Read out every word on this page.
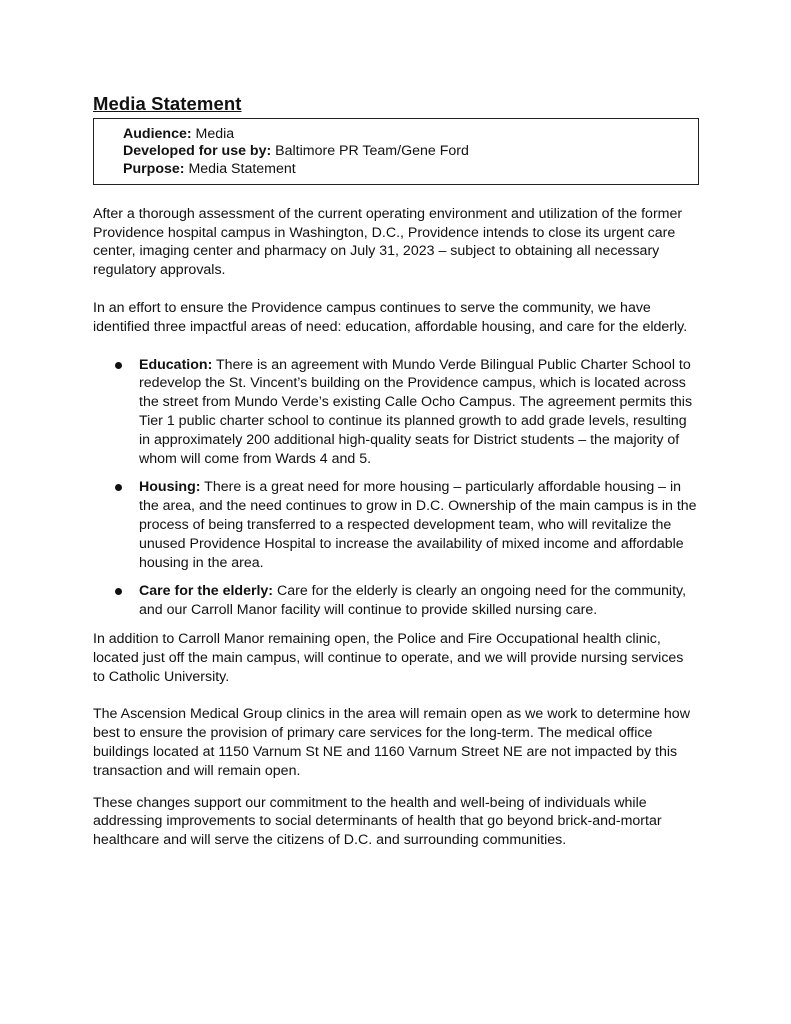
Media Statement
Audience: Media
Developed for use by: Baltimore PR Team/Gene Ford
Purpose: Media Statement

After a thorough assessment of the current operating environment and utilization of the former Providence hospital campus in Washington, D.C., Providence intends to close its urgent care center, imaging center and pharmacy on July 31, 2023 – subject to obtaining all necessary regulatory approvals.

In an effort to ensure the Providence campus continues to serve the community, we have identified three impactful areas of need: education, affordable housing, and care for the elderly.

Education: There is an agreement with Mundo Verde Bilingual Public Charter School to redevelop the St. Vincent’s building on the Providence campus, which is located across the street from Mundo Verde’s existing Calle Ocho Campus. The agreement permits this Tier 1 public charter school to continue its planned growth to add grade levels, resulting in approximately 200 additional high-quality seats for District students – the majority of whom will come from Wards 4 and 5.
Housing: There is a great need for more housing – particularly affordable housing – in the area, and the need continues to grow in D.C. Ownership of the main campus is in the process of being transferred to a respected development team, who will revitalize the unused Providence Hospital to increase the availability of mixed income and affordable housing in the area.
Care for the elderly: Care for the elderly is clearly an ongoing need for the community, and our Carroll Manor facility will continue to provide skilled nursing care.

In addition to Carroll Manor remaining open, the Police and Fire Occupational health clinic, located just off the main campus, will continue to operate, and we will provide nursing services to Catholic University.

The Ascension Medical Group clinics in the area will remain open as we work to determine how best to ensure the provision of primary care services for the long-term. The medical office buildings located at 1150 Varnum St NE and 1160 Varnum Street NE are not impacted by this transaction and will remain open.

These changes support our commitment to the health and well-being of individuals while addressing improvements to social determinants of health that go beyond brick-and-mortar healthcare and will serve the citizens of D.C. and surrounding communities.
